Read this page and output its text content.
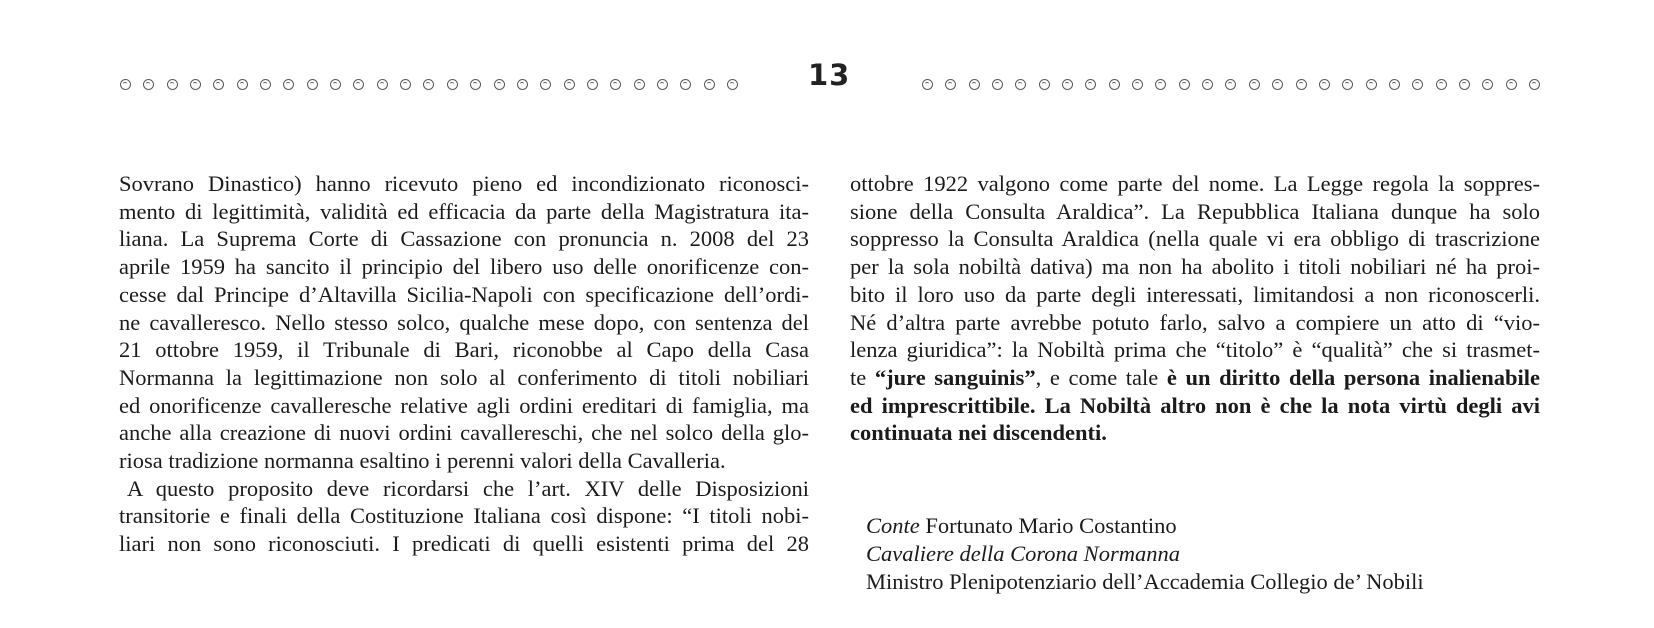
13
Sovrano Dinastico) hanno ricevuto pieno ed incondizionato riconosci-
mento di legittimità, validità ed efficacia da parte della Magistratura ita-
liana. La Suprema Corte di Cassazione con pronuncia n. 2008 del 23
aprile 1959 ha sancito il principio del libero uso delle onorificenze con-
cesse dal Principe d’Altavilla Sicilia-Napoli con specificazione dell’ordi-
ne cavalleresco. Nello stesso solco, qualche mese dopo, con sentenza del
21 ottobre 1959, il Tribunale di Bari, riconobbe al Capo della Casa
Normanna la legittimazione non solo al conferimento di titoli nobiliari
ed onorificenze cavalleresche relative agli ordini ereditari di famiglia, ma
anche alla creazione di nuovi ordini cavallereschi, che nel solco della glo-
riosa tradizione normanna esaltino i perenni valori della Cavalleria.
A questo proposito deve ricordarsi che l’art. XIV delle Disposizioni
transitorie e finali della Costituzione Italiana così dispone: “I titoli nobi-
liari non sono riconosciuti. I predicati di quelli esistenti prima del 28
ottobre 1922 valgono come parte del nome. La Legge regola la soppres-
sione della Consulta Araldica”. La Repubblica Italiana dunque ha solo
soppresso la Consulta Araldica (nella quale vi era obbligo di trascrizione
per la sola nobiltà dativa) ma non ha abolito i titoli nobiliari né ha proi-
bito il loro uso da parte degli interessati, limitandosi a non riconoscerli.
Né d’altra parte avrebbe potuto farlo, salvo a compiere un atto di “vio-
lenza giuridica”: la Nobiltà prima che “titolo” è “qualità” che si trasmet-
te “jure sanguinis”, e come tale è un diritto della persona inalienabile
ed imprescrittibile. La Nobiltà altro non è che la nota virtù degli avi
continuata nei discendenti.
Conte Fortunato Mario Costantino
Cavaliere della Corona Normanna
Ministro Plenipotenziario dell’Accademia Collegio de’ Nobili
